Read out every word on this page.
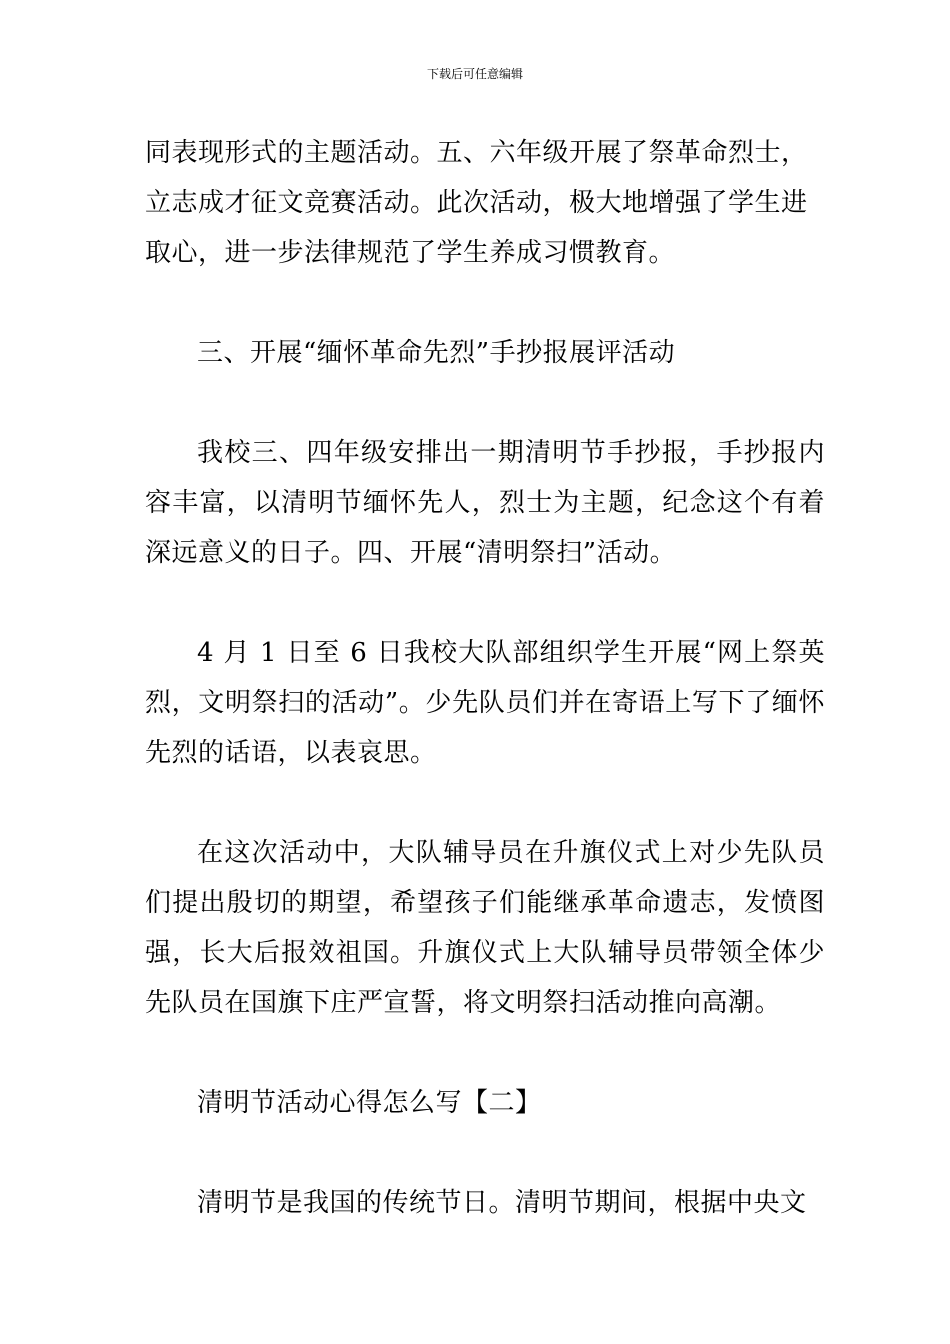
下载后可任意编辑

同表现形式的主题活动。五、六年级开展了祭革命烈士，
立志成才征文竞赛活动。此次活动，极大地增强了学生进
取心，进一步法律规范了学生养成习惯教育。

三、开展“缅怀革命先烈”手抄报展评活动

我校三、四年级安排出一期清明节手抄报，手抄报内容丰富，以清明节缅怀先人，烈士为主题，纪念这个有着深远意义的日子。四、开展“清明祭扫”活动。

4 月 1 日至 6 日我校大队部组织学生开展“网上祭英烈，文明祭扫的活动”。少先队员们并在寄语上写下了缅怀先烈的话语，以表哀思。

在这次活动中，大队辅导员在升旗仪式上对少先队员们提出殷切的期望，希望孩子们能继承革命遗志，发愤图强，长大后报效祖国。升旗仪式上大队辅导员带领全体少先队员在国旗下庄严宣誓，将文明祭扫活动推向高潮。

清明节活动心得怎么写【二】

清明节是我国的传统节日。清明节期间，根据中央文
